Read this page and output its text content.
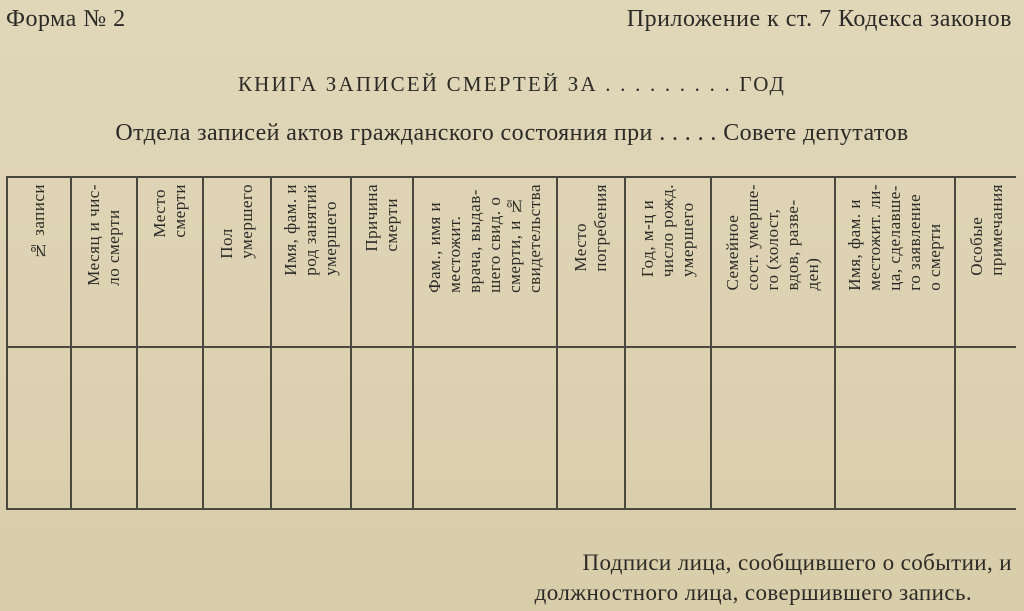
Форма № 2	Приложение к ст. 7 Кодекса законов
КНИГА ЗАПИСЕЙ СМЕРТЕЙ ЗА . . . . . . . . . ГОД
Отдела записей актов гражданского состояния при . . . . . Совете депутатов
№ записи
Месяц и чис-
ло смерти Место
смерти
Пол
умершего Имя, фам. и
род занятий
умершего Причина
смерти
Фам., имя и
местожит.
врача, выдав-
шего свид. о
смерти, и №
свидетельства Место
погребения Год, м-ц и
число рожд.
умершего Семейное
сост. умерше-
го (холост,
вдов, разве-
ден) Имя, фам. и
местожит. ли-
ца, сделавше-
го заявление
о смерти Особые
примечания
Подписи лица, сообщившего о событии, и
должностного лица, совершившего запись.
